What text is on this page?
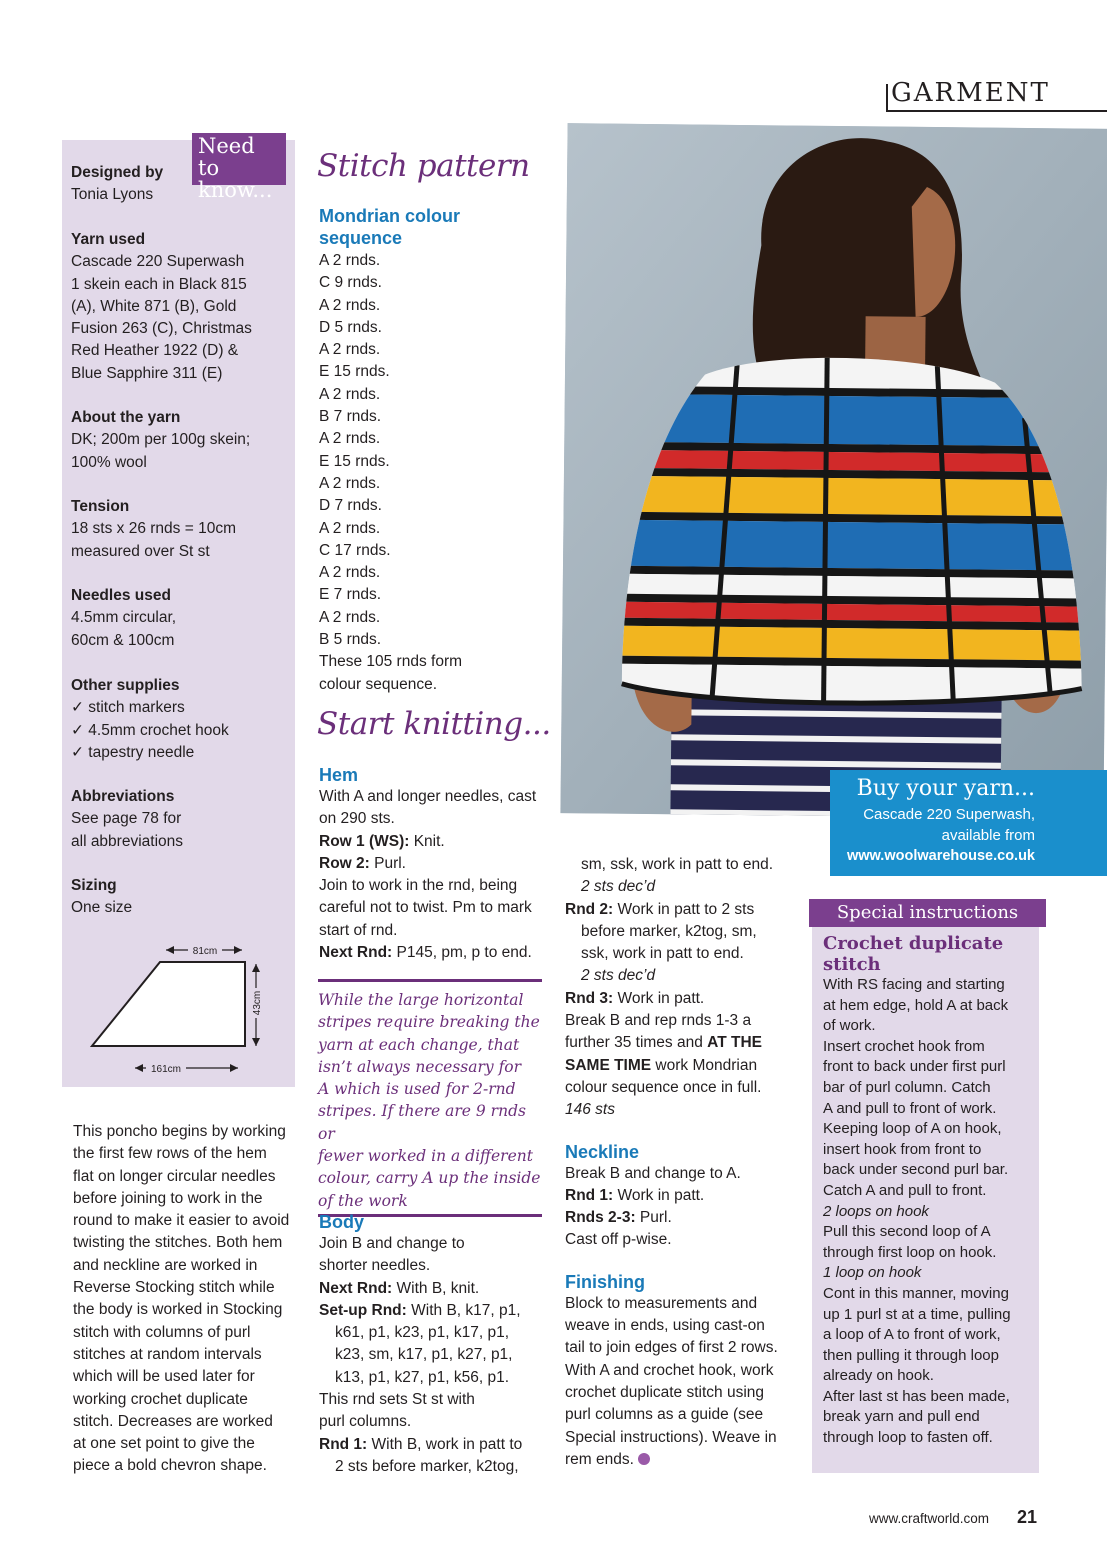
GARMENT
Need to
know...
Designed by
Tonia Lyons
Yarn used
Cascade 220 Superwash
1 skein each in Black 815
(A), White 871 (B), Gold
Fusion 263 (C), Christmas
Red Heather 1922 (D) &
Blue Sapphire 311 (E)
About the yarn
DK; 200m per 100g skein;
100% wool
Tension
18 sts x 26 rnds = 10cm
measured over St st
Needles used
4.5mm circular,
60cm & 100cm
Other supplies
✓ stitch markers
✓ 4.5mm crochet hook
✓ tapestry needle
Abbreviations
See page 78 for
all abbreviations
Sizing
One size
81cm
43cm
161cm
This poncho begins by working
the first few rows of the hem
flat on longer circular needles
before joining to work in the
round to make it easier to avoid
twisting the stitches. Both hem
and neckline are worked in
Reverse Stocking stitch while
the body is worked in Stocking
stitch with columns of purl
stitches at random intervals
which will be used later for
working crochet duplicate
stitch. Decreases are worked
at one set point to give the
piece a bold chevron shape.
Stitch pattern
Mondrian colour
sequence
A 2 rnds.
C 9 rnds.
A 2 rnds.
D 5 rnds.
A 2 rnds.
E 15 rnds.
A 2 rnds.
B 7 rnds.
A 2 rnds.
E 15 rnds.
A 2 rnds.
D 7 rnds.
A 2 rnds.
C 17 rnds.
A 2 rnds.
E 7 rnds.
A 2 rnds.
B 5 rnds.
These 105 rnds form
colour sequence.
Start knitting...
Hem
With A and longer needles, cast
on 290 sts.
Row 1 (WS): Knit.
Row 2: Purl.
Join to work in the rnd, being
careful not to twist. Pm to mark
start of rnd.
Next Rnd: P145, pm, p to end.
While the large horizontal
stripes require breaking the
yarn at each change, that
isn’t always necessary for
A which is used for 2-rnd
stripes. If there are 9 rnds or
fewer worked in a different
colour, carry A up the inside
of the work
Body
Join B and change to
shorter needles.
Next Rnd: With B, knit.
Set-up Rnd: With B, k17, p1,
k61, p1, k23, p1, k17, p1,
k23, sm, k17, p1, k27, p1,
k13, p1, k27, p1, k56, p1.
This rnd sets St st with
purl columns.
Rnd 1: With B, work in patt to
2 sts before marker, k2tog,
Buy your yarn...
Cascade 220 Superwash,
available from
www.woolwarehouse.co.uk
sm, ssk, work in patt to end.
2 sts dec’d
Rnd 2: Work in patt to 2 sts
before marker, k2tog, sm,
ssk, work in patt to end.
2 sts dec’d
Rnd 3: Work in patt.
Break B and rep rnds 1-3 a
further 35 times and AT THE
SAME TIME work Mondrian
colour sequence once in full.
146 sts
Neckline
Break B and change to A.
Rnd 1: Work in patt.
Rnds 2-3: Purl.
Cast off p-wise.
Finishing
Block to measurements and
weave in ends, using cast-on
tail to join edges of first 2 rows.
With A and crochet hook, work
crochet duplicate stitch using
purl columns as a guide (see
Special instructions). Weave in
rem ends.
Special instructions
Crochet duplicate
stitch
With RS facing and starting
at hem edge, hold A at back
of work.
Insert crochet hook from
front to back under first purl
bar of purl column. Catch
A and pull to front of work.
Keeping loop of A on hook,
insert hook from front to
back under second purl bar.
Catch A and pull to front.
2 loops on hook
Pull this second loop of A
through first loop on hook.
1 loop on hook
Cont in this manner, moving
up 1 purl st at a time, pulling
a loop of A to front of work,
then pulling it through loop
already on hook.
After last st has been made,
break yarn and pull end
through loop to fasten off.
www.craftworld.com 21
